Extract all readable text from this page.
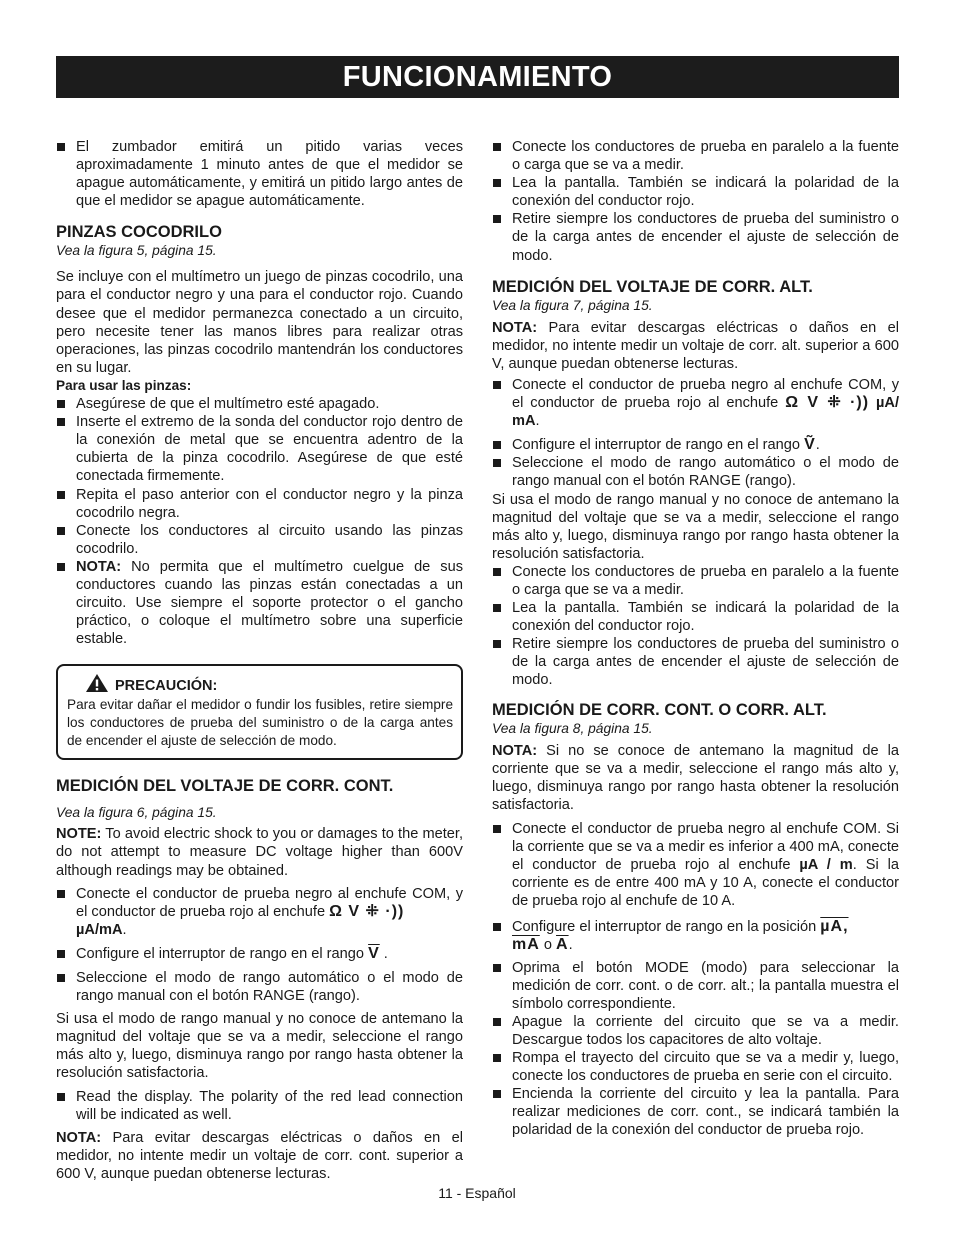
FUNCIONAMIENTO
El zumbador emitirá un pitido varias veces aproximadamente 1 minuto antes de que el medidor se apague automáticamente, y emitirá un pitido largo antes de que el medidor se apague automáticamente.
PINZAS COCODRILO

Vea la figura 5, página 15.

Se incluye con el multímetro un juego de pinzas cocodrilo, una para el conductor negro y una para el conductor rojo. Cuando desee que el medidor permanezca conectado a un circuito, pero necesite tener las manos libres para realizar otras operaciones, las pinzas cocodrilo mantendrán los conductores en su lugar.

Para usar las pinzas:

Asegúrese de que el multímetro esté apagado.
Inserte el extremo de la sonda del conductor rojo dentro de la conexión de metal que se encuentra adentro de la cubierta de la pinza cocodrilo. Asegúrese de que esté conectada firmemente.
Repita el paso anterior con el conductor negro y la pinza cocodrilo negra.
Conecte los conductores al circuito usando las pinzas cocodrilo.
NOTA: No permita que el multímetro cuelgue de sus conductores cuando las pinzas están conectadas a un circuito. Use siempre el soporte protector o el gancho práctico, o coloque el multímetro sobre una superficie estable.
PRECAUCIÓN:

Para evitar dañar el medidor o fundir los fusibles, retire siempre los conductores de prueba del suministro o de la carga antes de encender el ajuste de selección de modo.

MEDICIÓN DEL VOLTAJE DE CORR. CONT.

Vea la figura 6, página 15.

NOTE: To avoid electric shock to you or damages to the meter, do not attempt to measure DC voltage higher than 600V although readings may be obtained.

Conecte el conductor de prueba negro al enchufe COM, y el conductor de prueba rojo al enchufe Ω V ⁜ ·))
µA/mA.
Configure el interruptor de rango en el rango $\overline{V}$ .
Seleccione el modo de rango automático o el modo de rango manual con el botón RANGE (rango).

Si usa el modo de rango manual y no conoce de antemano la magnitud del voltaje que se va a medir, seleccione el rango más alto y, luego, disminuya rango por rango hasta obtener la resolución satisfactoria.

Read the display. The polarity of the red lead connection will be indicated as well.

NOTA: Para evitar descargas eléctricas o daños en el medidor, no intente medir un voltaje de corr. cont. superior a 600 V, aunque puedan obtenerse lecturas.

Conecte los conductores de prueba en paralelo a la fuente o carga que se va a medir.
Lea la pantalla. También se indicará la polaridad de la conexión del conductor rojo.
Retire siempre los conductores de prueba del suministro o de la carga antes de encender el ajuste de selección de modo.
MEDICIÓN DEL VOLTAJE DE CORR. ALT.

Vea la figura 7, página 15.

NOTA: Para evitar descargas eléctricas o daños en el medidor, no intente medir un voltaje de corr. alt. superior a 600 V, aunque puedan obtenerse lecturas.

Conecte el conductor de prueba negro al enchufe COM, y el conductor de prueba rojo al enchufe Ω V ⁜ ·)) µA/ mA.
Configure el interruptor de rango en el rango Ṽ.
Seleccione el modo de rango automático o el modo de rango manual con el botón RANGE (rango).

Si usa el modo de rango manual y no conoce de antemano la magnitud del voltaje que se va a medir, seleccione el rango más alto y, luego, disminuya rango por rango hasta obtener la resolución satisfactoria.

Conecte los conductores de prueba en paralelo a la fuente o carga que se va a medir.
Lea la pantalla. También se indicará la polaridad de la conexión del conductor rojo.
Retire siempre los conductores de prueba del suministro o de la carga antes de encender el ajuste de selección de modo.
MEDICIÓN DE CORR. CONT. O CORR. ALT.

Vea la figura 8, página 15.

NOTA: Si no se conoce de antemano la magnitud de la corriente que se va a medir, seleccione el rango más alto y, luego, disminuya rango por rango hasta obtener la resolución satisfactoria.

Conecte el conductor de prueba negro al enchufe COM. Si la corriente que se va a medir es inferior a 400 mA, conecte el conductor de prueba rojo al enchufe µA / m. Si la corriente es de entre 400 mA y 10 A, conecte el conductor de prueba rojo al enchufe de 10 A.
Configure el interruptor de rango en la posición µA,
$\overline{mA}$ o $\overline{A}$.
Oprima el botón MODE (modo) para seleccionar la medición de corr. cont. o de corr. alt.; la pantalla muestra el símbolo correspondiente.
Apague la corriente del circuito que se va a medir. Descargue todos los capacitores de alto voltaje.
Rompa el trayecto del circuito que se va a medir y, luego, conecte los conductores de prueba en serie con el circuito.
Encienda la corriente del circuito y lea la pantalla. Para realizar mediciones de corr. cont., se indicará también la polaridad de la conexión del conductor de prueba rojo.
11 - Español
